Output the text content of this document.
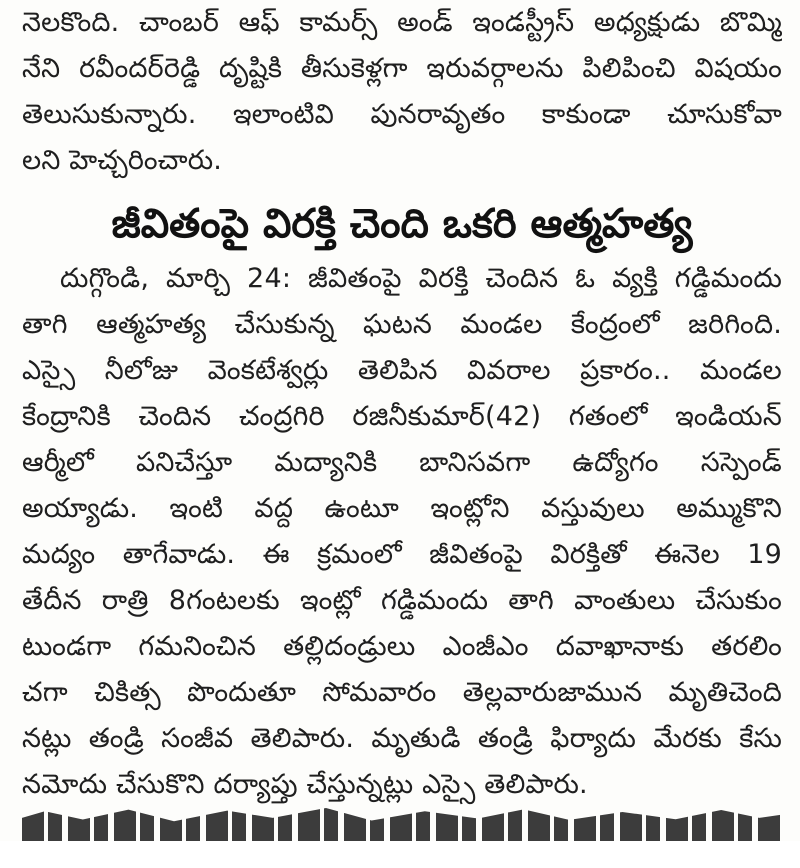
నెలకొంది. చాంబర్ ఆఫ్ కామర్స్ అండ్ ఇండస్ట్రీస్ అధ్యక్షుడు బొమ్మి
నేని రవీందర్‌రెడ్డి దృష్టికి తీసుకెళ్లగా ఇరువర్గాలను పిలిపించి విషయం
తెలుసుకున్నారు. ఇలాంటివి పునరావృతం కాకుండా చూసుకోవా
లని హెచ్చరించారు.
జీవితంపై విరక్తి చెంది ఒకరి ఆత్మహత్య
దుగ్గొండి, మార్చి 24: జీవితంపై విరక్తి చెందిన ఓ వ్యక్తి గడ్డిమందు
తాగి ఆత్మహత్య చేసుకున్న ఘటన మండల కేంద్రంలో జరిగింది.
ఎస్సై నీలోజు వెంకటేశ్వర్లు తెలిపిన వివరాల ప్రకారం.. మండల
కేంద్రానికి చెందిన చంద్రగిరి రజినీకుమార్(42) గతంలో ఇండియన్
ఆర్మీలో పనిచేస్తూ మద్యానికి బానిసవగా ఉద్యోగం సస్పెండ్
అయ్యాడు. ఇంటి వద్ద ఉంటూ ఇంట్లోని వస్తువులు అమ్ముకొని
మద్యం తాగేవాడు. ఈ క్రమంలో జీవితంపై విరక్తితో ఈనెల 19
తేదీన రాత్రి 8గంటలకు ఇంట్లో గడ్డిమందు తాగి వాంతులు చేసుకుం
టుండగా గమనించిన తల్లిదండ్రులు ఎంజీఎం దవాఖానాకు తరలిం
చగా చికిత్స పొందుతూ సోమవారం తెల్లవారుజామున మృతిచెంది
నట్లు తండ్రి సంజీవ తెలిపారు. మృతుడి తండ్రి ఫిర్యాదు మేరకు కేసు
నమోదు చేసుకొని దర్యాప్తు చేస్తున్నట్లు ఎస్సై తెలిపారు.
